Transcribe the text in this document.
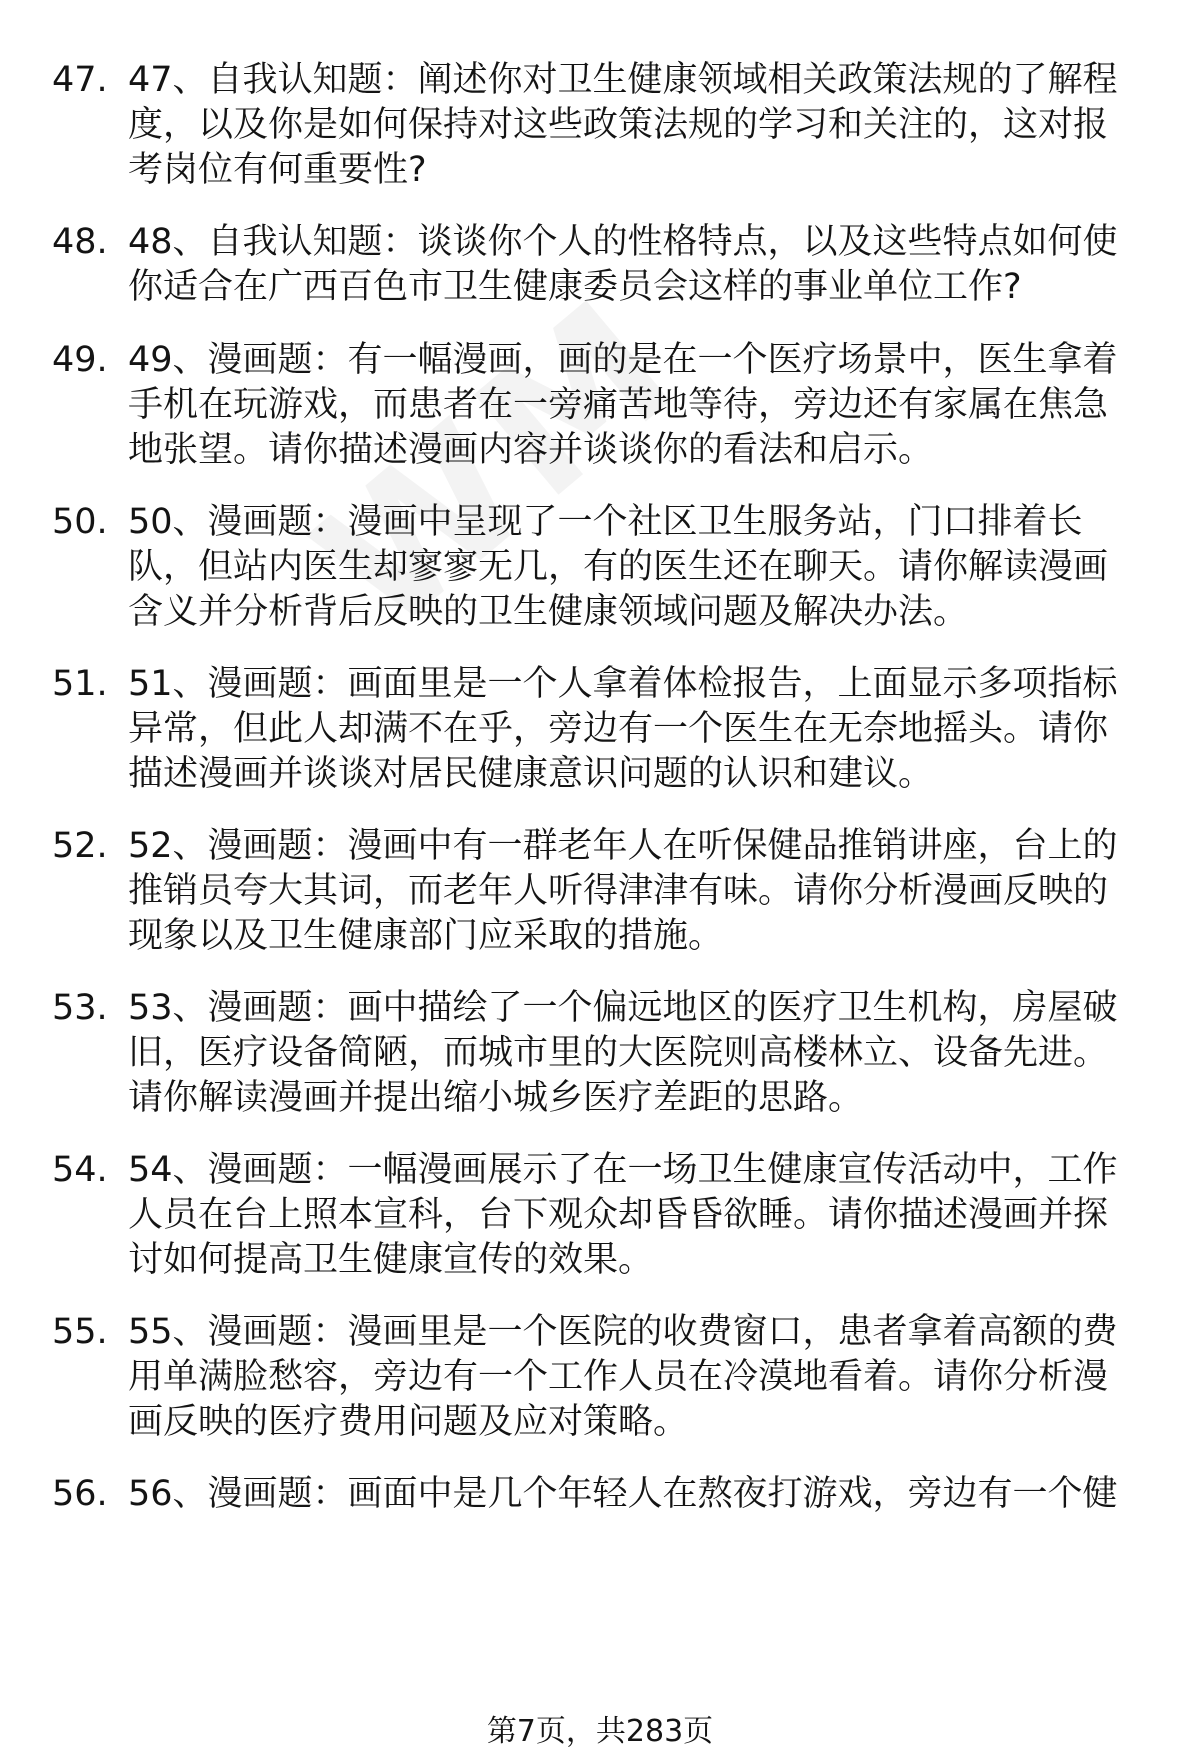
47. 47、自我认知题：阐述你对卫生健康领域相关政策法规的了解程
度，以及你是如何保持对这些政策法规的学习和关注的，这对报
考岗位有何重要性?
48. 48、自我认知题：谈谈你个人的性格特点，以及这些特点如何使
你适合在广西百色市卫生健康委员会这样的事业单位工作?
49. 49、漫画题：有一幅漫画，画的是在一个医疗场景中，医生拿着
手机在玩游戏，而患者在一旁痛苦地等待，旁边还有家属在焦急
地张望。请你描述漫画内容并谈谈你的看法和启示。
50. 50、漫画题：漫画中呈现了一个社区卫生服务站，门口排着长
队，但站内医生却寥寥无几，有的医生还在聊天。请你解读漫画
含义并分析背后反映的卫生健康领域问题及解决办法。
51. 51、漫画题：画面里是一个人拿着体检报告，上面显示多项指标
异常，但此人却满不在乎，旁边有一个医生在无奈地摇头。请你
描述漫画并谈谈对居民健康意识问题的认识和建议。
52. 52、漫画题：漫画中有一群老年人在听保健品推销讲座，台上的
推销员夸大其词，而老年人听得津津有味。请你分析漫画反映的
现象以及卫生健康部门应采取的措施。
53. 53、漫画题：画中描绘了一个偏远地区的医疗卫生机构，房屋破
旧，医疗设备简陋，而城市里的大医院则高楼林立、设备先进。
请你解读漫画并提出缩小城乡医疗差距的思路。
54. 54、漫画题：一幅漫画展示了在一场卫生健康宣传活动中，工作
人员在台上照本宣科，台下观众却昏昏欲睡。请你描述漫画并探
讨如何提高卫生健康宣传的效果。
55. 55、漫画题：漫画里是一个医院的收费窗口，患者拿着高额的费
用单满脸愁容，旁边有一个工作人员在冷漠地看着。请你分析漫
画反映的医疗费用问题及应对策略。
56. 56、漫画题：画面中是几个年轻人在熬夜打游戏，旁边有一个健
第7页，共283页
